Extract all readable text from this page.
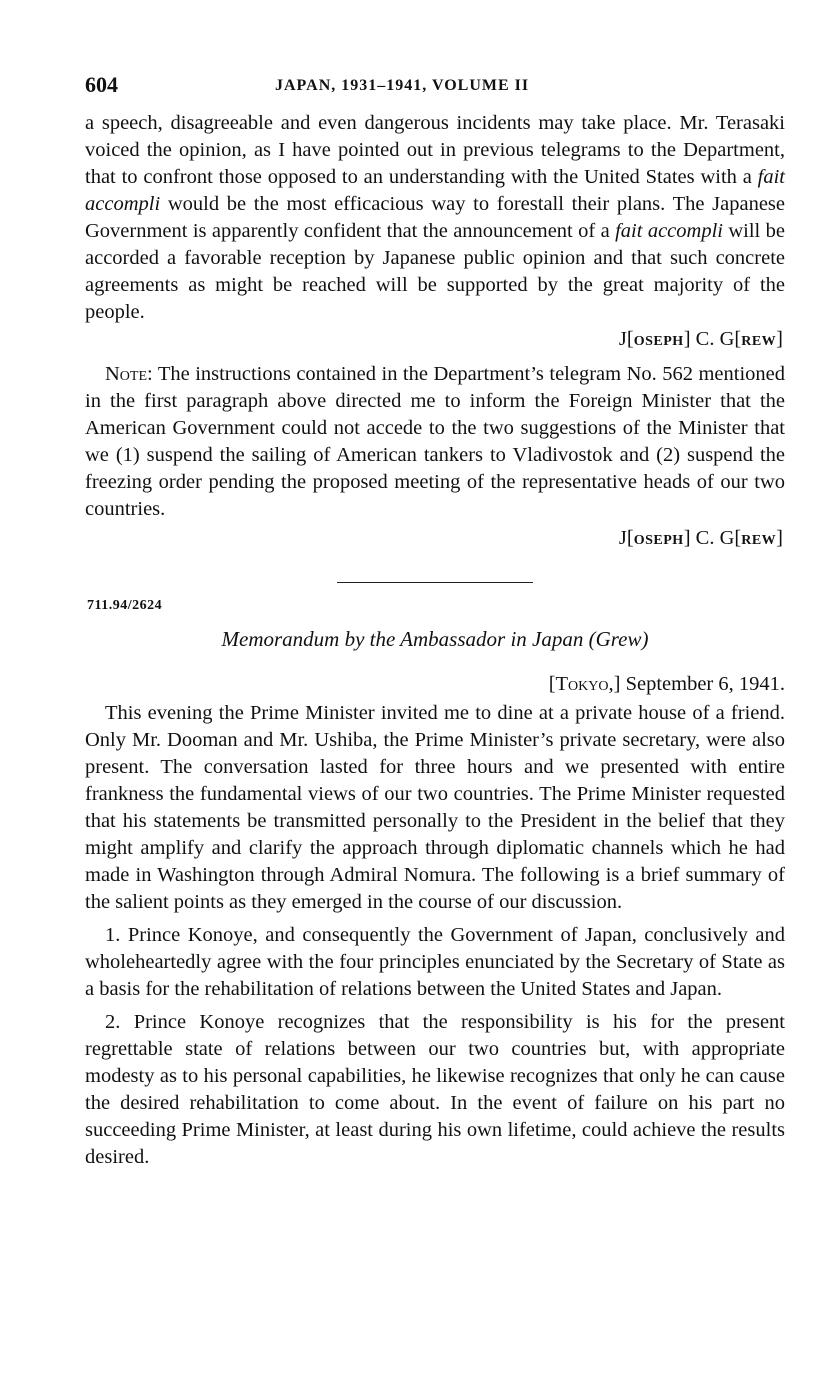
604	JAPAN, 1931–1941, VOLUME II

a speech, disagreeable and even dangerous incidents may take place. Mr. Terasaki voiced the opinion, as I have pointed out in previous telegrams to the Department, that to confront those opposed to an understanding with the United States with a fait accompli would be the most efficacious way to forestall their plans. The Japanese Government is apparently confident that the announcement of a fait accompli will be accorded a favorable reception by Japanese public opinion and that such concrete agreements as might be reached will be supported by the great majority of the people.

J[OSEPH] C. G[REW]

Note: The instructions contained in the Department’s telegram No. 562 mentioned in the first paragraph above directed me to inform the Foreign Minister that the American Government could not accede to the two suggestions of the Minister that we (1) suspend the sailing of American tankers to Vladivostok and (2) suspend the freezing order pending the proposed meeting of the representative heads of our two countries.

J[OSEPH] C. G[REW]

711.94/2624
Memorandum by the Ambassador in Japan (Grew)
[Tokyo,] September 6, 1941.

This evening the Prime Minister invited me to dine at a private house of a friend. Only Mr. Dooman and Mr. Ushiba, the Prime Minister’s private secretary, were also present. The conversation lasted for three hours and we presented with entire frankness the fundamental views of our two countries. The Prime Minister requested that his statements be transmitted personally to the President in the belief that they might amplify and clarify the approach through diplomatic channels which he had made in Washington through Admiral Nomura. The following is a brief summary of the salient points as they emerged in the course of our discussion.

1. Prince Konoye, and consequently the Government of Japan, conclusively and wholeheartedly agree with the four principles enunciated by the Secretary of State as a basis for the rehabilitation of relations between the United States and Japan.

2. Prince Konoye recognizes that the responsibility is his for the present regrettable state of relations between our two countries but, with appropriate modesty as to his personal capabilities, he likewise recognizes that only he can cause the desired rehabilitation to come about. In the event of failure on his part no succeeding Prime Minister, at least during his own lifetime, could achieve the results desired.
